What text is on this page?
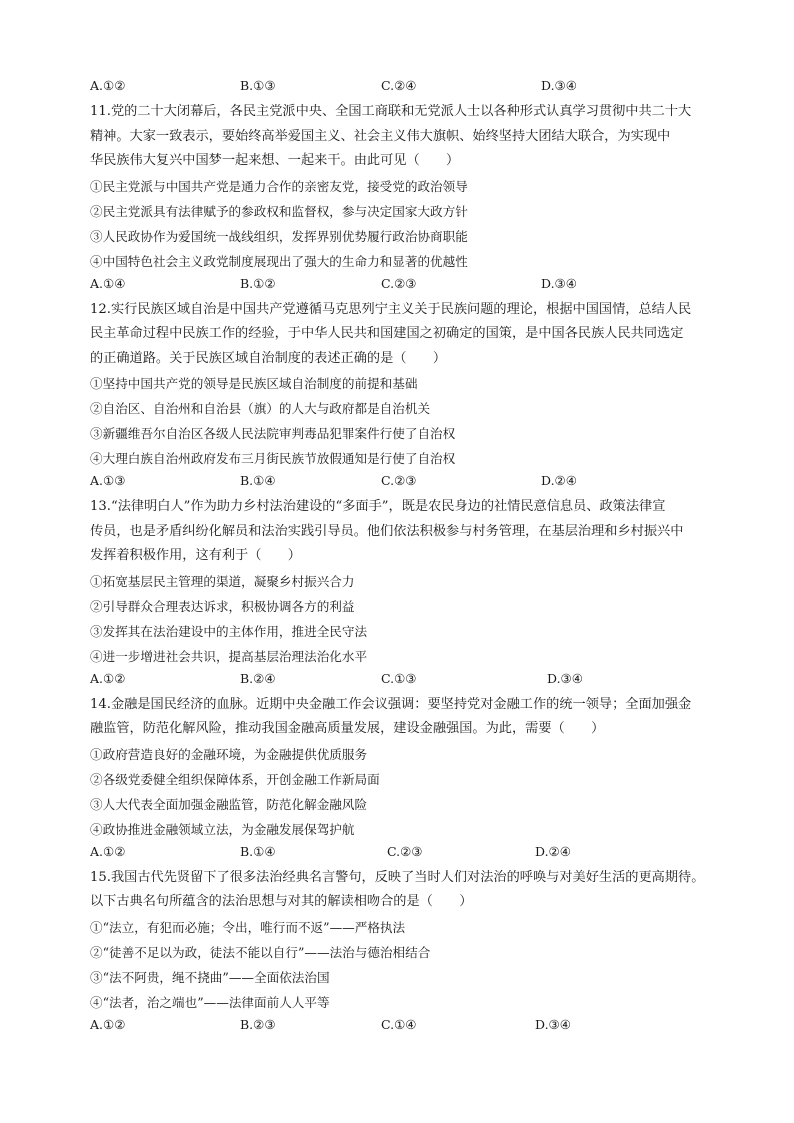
A.①②	B.①③	C.②④	D.③④

11.党的二十大闭幕后，各民主党派中央、全国工商联和无党派人士以各种形式认真学习贯彻中共二十大
精神。大家一致表示，要始终高举爱国主义、社会主义伟大旗帜、始终坚持大团结大联合，为实现中
华民族伟大复兴中国梦一起来想、一起来干。由此可见（　　）

①民主党派与中国共产党是通力合作的亲密友党，接受党的政治领导
②民主党派具有法律赋予的参政权和监督权，参与决定国家大政方针
③人民政协作为爱国统一战线组织，发挥界别优势履行政治协商职能
④中国特色社会主义政党制度展现出了强大的生命力和显著的优越性
A.①④	B.①②	C.②③	D.③④

12.实行民族区域自治是中国共产党遵循马克思列宁主义关于民族问题的理论，根据中国国情，总结人民
民主革命过程中民族工作的经验，于中华人民共和国建国之初确定的国策，是中国各民族人民共同选定
的正确道路。关于民族区域自治制度的表述正确的是（　　）

①坚持中国共产党的领导是民族区域自治制度的前提和基础
②自治区、自治州和自治县（旗）的人大与政府都是自治机关
③新疆维吾尔自治区各级人民法院审判毒品犯罪案件行使了自治权
④大理白族自治州政府发布三月街民族节放假通知是行使了自治权
A.①③	B.①④	C.②③	D.②④

13.“法律明白人”作为助力乡村法治建设的“多面手”，既是农民身边的社情民意信息员、政策法律宣
传员，也是矛盾纠纷化解员和法治实践引导员。他们依法积极参与村务管理，在基层治理和乡村振兴中
发挥着积极作用，这有利于（　　）

①拓宽基层民主管理的渠道，凝聚乡村振兴合力
②引导群众合理表达诉求，积极协调各方的利益
③发挥其在法治建设中的主体作用，推进全民守法
④进一步增进社会共识，提高基层治理法治化水平
A.①②	B.②④	C.①③	D.③④

14.金融是国民经济的血脉。近期中央金融工作会议强调：要坚持党对金融工作的统一领导；全面加强金
融监管，防范化解风险，推动我国金融高质量发展，建设金融强国。为此，需要（　　）

①政府营造良好的金融环境，为金融提供优质服务
②各级党委健全组织保障体系，开创金融工作新局面
③人大代表全面加强金融监管，防范化解金融风险
④政协推进金融领域立法，为金融发展保驾护航
A.①②	B.①④	C.②③	D.②④

15.我国古代先贤留下了很多法治经典名言警句，反映了当时人们对法治的呼唤与对美好生活的更高期待。
以下古典名句所蕴含的法治思想与对其的解读相吻合的是（　　）

①“法立，有犯而必施；令出，唯行而不返”——严格执法
②“徒善不足以为政，徒法不能以自行”——法治与德治相结合
③“法不阿贵，绳不挠曲”——全面依法治国
④“法者，治之端也”——法律面前人人平等
A.①②	B.②③	C.①④	D.③④
